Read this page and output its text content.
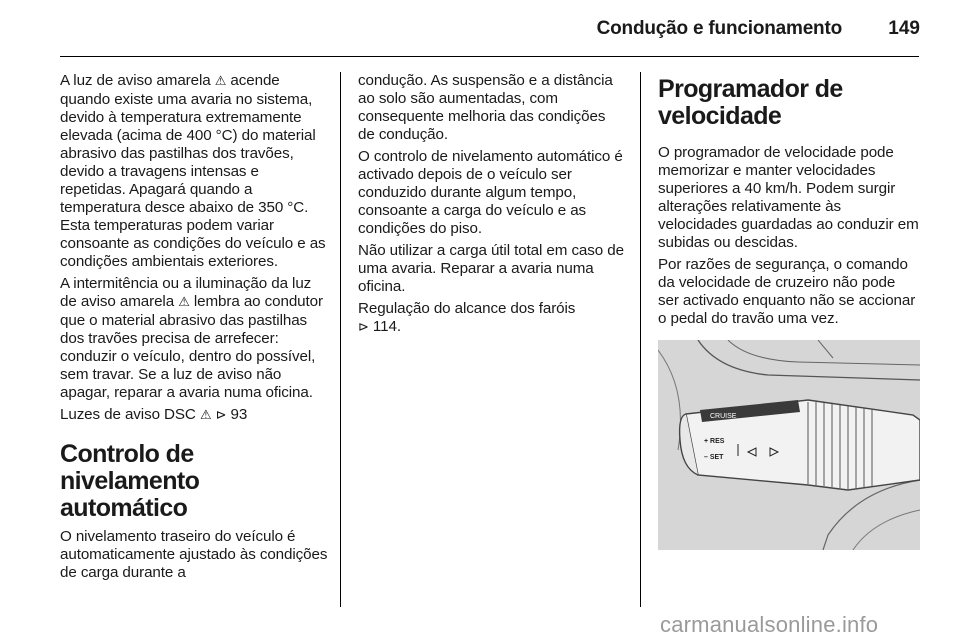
Condução e funcionamento 149

A luz de aviso amarela ⚠ acende quando existe uma avaria no sistema, devido à temperatura extremamente elevada (acima de 400 °C) do material abrasivo das pastilhas dos travões, devido a travagens intensas e repetidas. Apagará quando a temperatura desce abaixo de 350 °C. Esta temperaturas podem variar consoante as condições do veículo e as condições ambientais exteriores.

A intermitência ou a iluminação da luz de aviso amarela ⚠ lembra ao condutor que o material abrasivo das pastilhas dos travões precisa de arrefecer: conduzir o veículo, dentro do possível, sem travar. Se a luz de aviso não apagar, reparar a avaria numa oficina.

Luzes de aviso DSC ⚠ ⊳ 93

Controlo de nivelamento automático

O nivelamento traseiro do veículo é automaticamente ajustado às condições de carga durante a

condução. As suspensão e a distância ao solo são aumentadas, com consequente melhoria das condições de condução.

O controlo de nivelamento automático é activado depois de o veículo ser conduzido durante algum tempo, consoante a carga do veículo e as condições do piso.

Não utilizar a carga útil total em caso de uma avaria. Reparar a avaria numa oficina.

Regulação do alcance dos faróis
⊳ 114.

Programador de velocidade

O programador de velocidade pode memorizar e manter velocidades superiores a 40 km/h. Podem surgir alterações relativamente às velocidades guardadas ao conduzir em subidas ou descidas.

Por razões de segurança, o comando da velocidade de cruzeiro não pode ser activado enquanto não se accionar o pedal do travão uma vez.

CRUISE
+ RES
– SET
carmanualsonline.info
